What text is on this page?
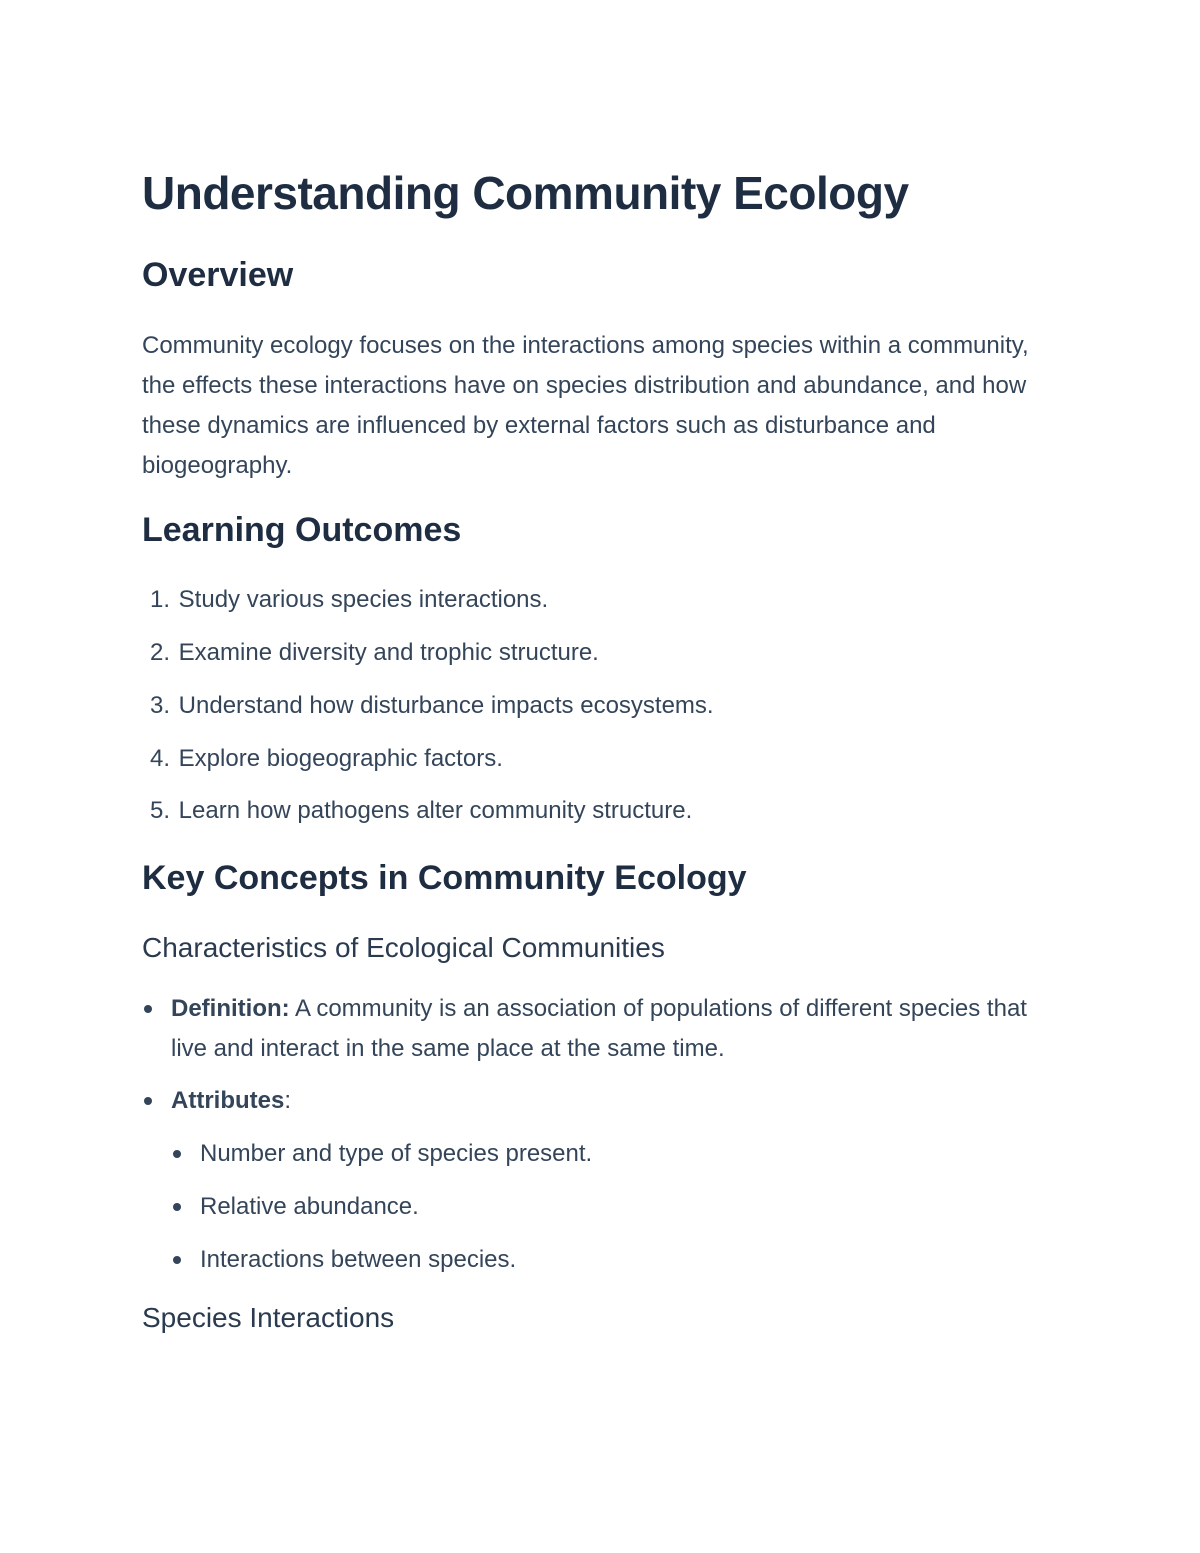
Understanding Community Ecology
Overview

Community ecology focuses on the interactions among species within a community, the effects these interactions have on species distribution and abundance, and how these dynamics are influenced by external factors such as disturbance and biogeography.

Learning Outcomes
1. Study various species interactions.
2. Examine diversity and trophic structure.
3. Understand how disturbance impacts ecosystems.
4. Explore biogeographic factors.
5. Learn how pathogens alter community structure.
Key Concepts in Community Ecology
Characteristics of Ecological Communities
Definition: A community is an association of populations of different species that live and interact in the same place at the same time.
Attributes:
Number and type of species present.
Relative abundance.
Interactions between species.
Species Interactions
